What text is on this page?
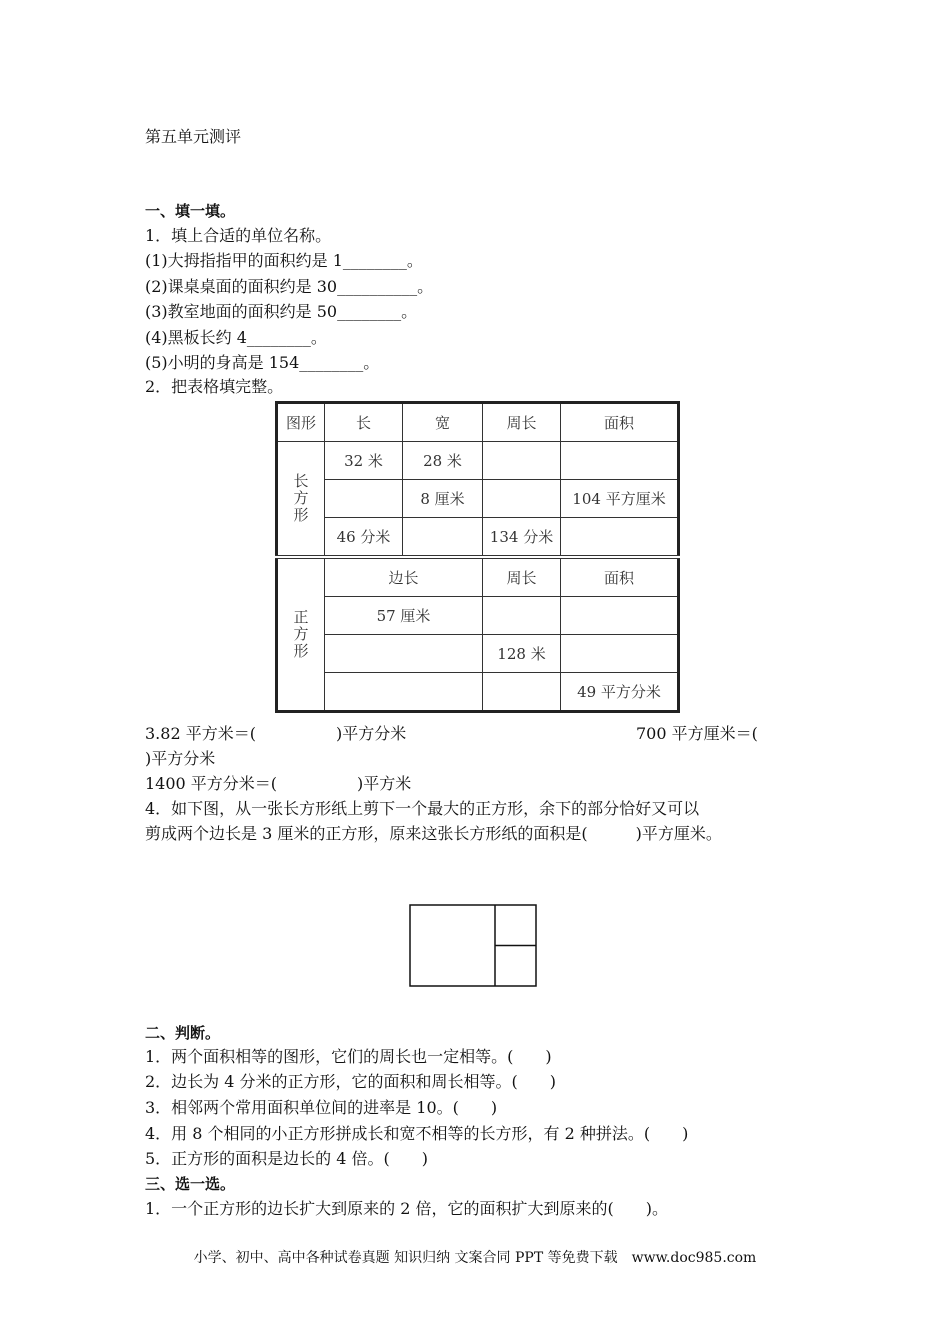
第五单元测评
一、填一填。
1．填上合适的单位名称。
(1)大拇指指甲的面积约是 1________。
(2)课桌桌面的面积约是 30__________。
(3)教室地面的面积约是 50________。
(4)黑板长约 4________。
(5)小明的身高是 154________。
2．把表格填完整。
图形	长	宽	周长	面积
长方形	32 米	28 米		
		8 厘米		104 平方厘米
	46 分米		134 分米	
正方形	边长		周长	面积
	57 厘米			
			128 米	
				49 平方分米
3.82 平方米＝(　　　　　)平方分米	700 平方厘米＝(
)平方分米
1400 平方分米＝(　　　　　)平方米
4．如下图，从一张长方形纸上剪下一个最大的正方形，余下的部分恰好又可以
剪成两个边长是 3 厘米的正方形，原来这张长方形纸的面积是(　　　)平方厘米。
二、判断。
1．两个面积相等的图形，它们的周长也一定相等。(　　)
2．边长为 4 分米的正方形，它的面积和周长相等。(　　)
3．相邻两个常用面积单位间的进率是 10。(　　)
4．用 8 个相同的小正方形拼成长和宽不相等的长方形，有 2 种拼法。(　　)
5．正方形的面积是边长的 4 倍。(　　)
三、选一选。
1．一个正方形的边长扩大到原来的 2 倍，它的面积扩大到原来的(　　)。
小学、初中、高中各种试卷真题 知识归纳 文案合同 PPT 等免费下载　www.doc985.com
